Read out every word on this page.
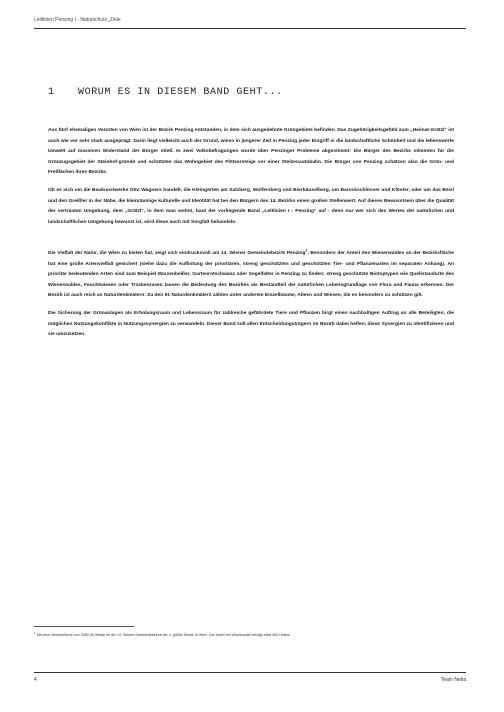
Leitlinien Penzing I - Naturschutz_Ziele
1 WORUM ES IN DIESEM BAND GEHT...

Aus fünf ehemaligen Vororten von Wien ist der Bezirk Penzing entstanden, in dem sich ausgedehnte Grüngebiete befinden. Das Zugehörigkeitsgefühl zum „Heimat-Grätzl“ ist auch wie vor sehr stark ausgeprägt. Darin liegt vielleicht auch der Grund, wieso in jüngerer Zeit in Penzing jeder Eingriff in die landschaftliche Schönheit und die lebenswerte Umwelt auf massiven Widerstand der Bürger stieß. In zwei Volksbefragungen wurde über Penzinger Probleme abgestimmt: Die Bürger des Bezirks stimmten für die Grünzugsgebiet der Steinhof-gründe und schützten das Wohngebiet des Flötzersteige vor einer Stelzenautobahn. Die Bürger von Penzing schätzen also die Grün- und Freiflächen ihres Bezirks.

Ob es sich um die Baukunstwerke Otto Wagners handelt, die Kleingärten am Satzberg, Wolfersberg und Bierhäuselberg, um Barockschlösser und Klöster, oder um das Beisl und den Greißler in der Nähe, die kleinräumige kulturelle und Identität hat bei den Bürgern des 14. Bezirks einen großen Stellenwert. Auf dieses Bewusstsein über die Qualität der vertrauten Umgebung, dem „Grätzl“, in dem man wohnt, baut der vorliegende Band „Leitlinien I - Penzing“ auf - denn nur wer sich des Wertes der natürlichen und landschaftlichen Umgebung bewusst ist, wird diese auch mit Sorgfalt behandeln.

Die Vielfalt der Natur, die Wien zu bieten hat, zeigt sich eindrucksvoll am 14. Wiener Gemeindebezirk Penzing$^1$. Besonders der Anteil des Wienerwaldes an der Bezirksfläche hat eine große Artenvielfalt gesichert (siehe dazu die Auflistung der prioritären, streng geschützten und geschützten Tier- und Pflanzenarten im separaten Anhang). An prioritär bedeutenden Arten sind zum Beispiel Warzenbeißer, Gartenrotschwanz oder Segelfalter in Penzing zu finden; streng geschützte Biotoptypen wie Quellstandorte des Wienerwaldes, Feuchtwiesen oder Trockenrasen lassen die Bedeutung des Bezirkes als Bestandteil der natürlichen Lebensgrundlage von Flora und Fauna erkennen. Der Bezirk ist auch reich an Naturdenkmälern: Zu den 91 Naturdenkmälern zählen unter anderem Einzelbäume, Alleen und Wiesen, die es besonders zu schützen gilt.

Die Sicherung der Grünanlagen als Erholungsraum und Lebensraum für zahlreiche gefährdete Tiere und Pflanzen birgt einen nachhaltigen Auftrag an alle Beteiligten, die möglichen Nutzungskonflikte in Nutzungssynergien zu verwandeln. Dieser Band soll allen Entscheidungsträgern im Bezirk dabei helfen, diese Synergien zu identifizieren und sie umzusetzen.

$^1$ Mit einer Bezirksfläche von 3382,06 Hektar ist der 14. Wiener Gemeindebezirk der 4. größte Bezirk in Wien. Der Anteil am Wienerwald beträgt etwa 460 Hektar
4	Team Nefia
